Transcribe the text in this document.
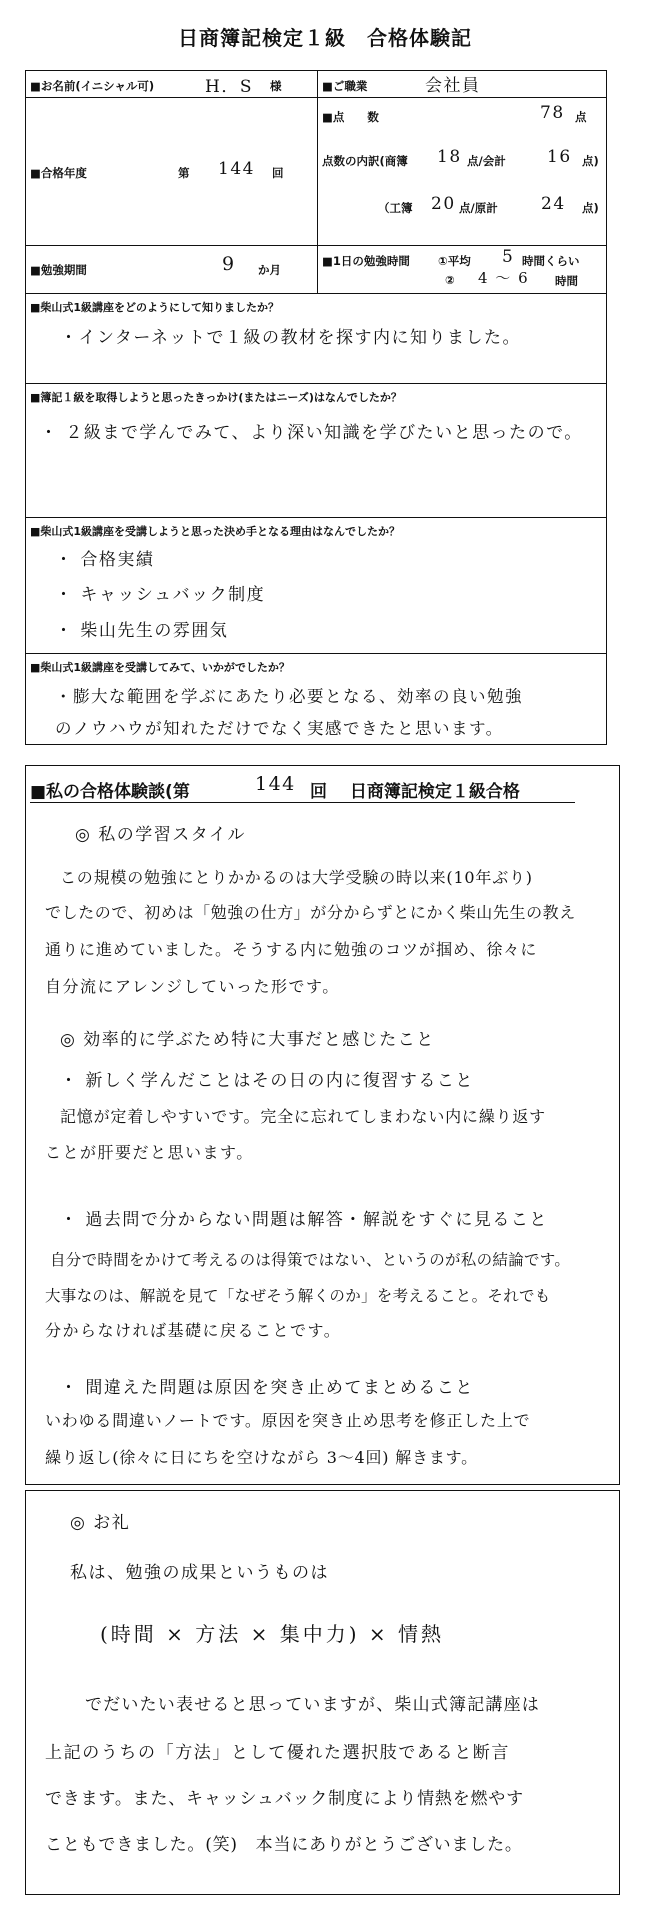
日商簿記検定１級　合格体験記
■お名前(イニシャル可)	H．S 様	■ご職業	会社員
■合格年度	第 144 回
■点　　数	78 点
点数の内訳(商簿 18 点/会計 16 点)
（工簿 20 点/原計	24 点)
■勉強期間	9 か月
■1日の勉強時間 ①平均 5 時間くらい
② 4 ～ 6 時間
■柴山式1級講座をどのようにして知りましたか？
・インターネットで１級の教材を探す内に知りました。
■簿記１級を取得しようと思ったきっかけ(またはニーズ)はなんでしたか？
・ ２級まで学んでみて、より深い知識を学びたいと思ったので。
■柴山式1級講座を受講しようと思った決め手となる理由はなんでしたか？
・ 合格実績
・ キャッシュバック制度
・ 柴山先生の雰囲気
■柴山式1級講座を受講してみて、いかがでしたか？
・膨大な範囲を学ぶにあたり必要となる、効率の良い勉強
のノウハウが知れただけでなく実感できたと思います。
■私の合格体験談(第	144 回　 日商簿記検定１級合格
◎ 私の学習スタイル
この規模の勉強にとりかかるのは大学受験の時以来(10年ぶり)
でしたので、初めは「勉強の仕方」が分からずとにかく柴山先生の教え
通りに進めていました。そうする内に勉強のコツが掴め、徐々に
自分流にアレンジしていった形です。
◎ 効率的に学ぶため特に大事だと感じたこと
・ 新しく学んだことはその日の内に復習すること
記憶が定着しやすいです。完全に忘れてしまわない内に繰り返す
ことが肝要だと思います。
・ 過去問で分からない問題は解答・解説をすぐに見ること
自分で時間をかけて考えるのは得策ではない、というのが私の結論です。
大事なのは、解説を見て「なぜそう解くのか」を考えること。それでも
分からなければ基礎に戻ることです。
・ 間違えた問題は原因を突き止めてまとめること
いわゆる間違いノートです。原因を突き止め思考を修正した上で
繰り返し(徐々に日にちを空けながら 3～4回) 解きます。
◎ お礼
私は、勉強の成果というものは
(時間 × 方法 × 集中力) × 情熱
でだいたい表せると思っていますが、柴山式簿記講座は
上記のうちの「方法」として優れた選択肢であると断言
できます。また、キャッシュバック制度により情熱を燃やす
こともできました。(笑)　本当にありがとうございました。
